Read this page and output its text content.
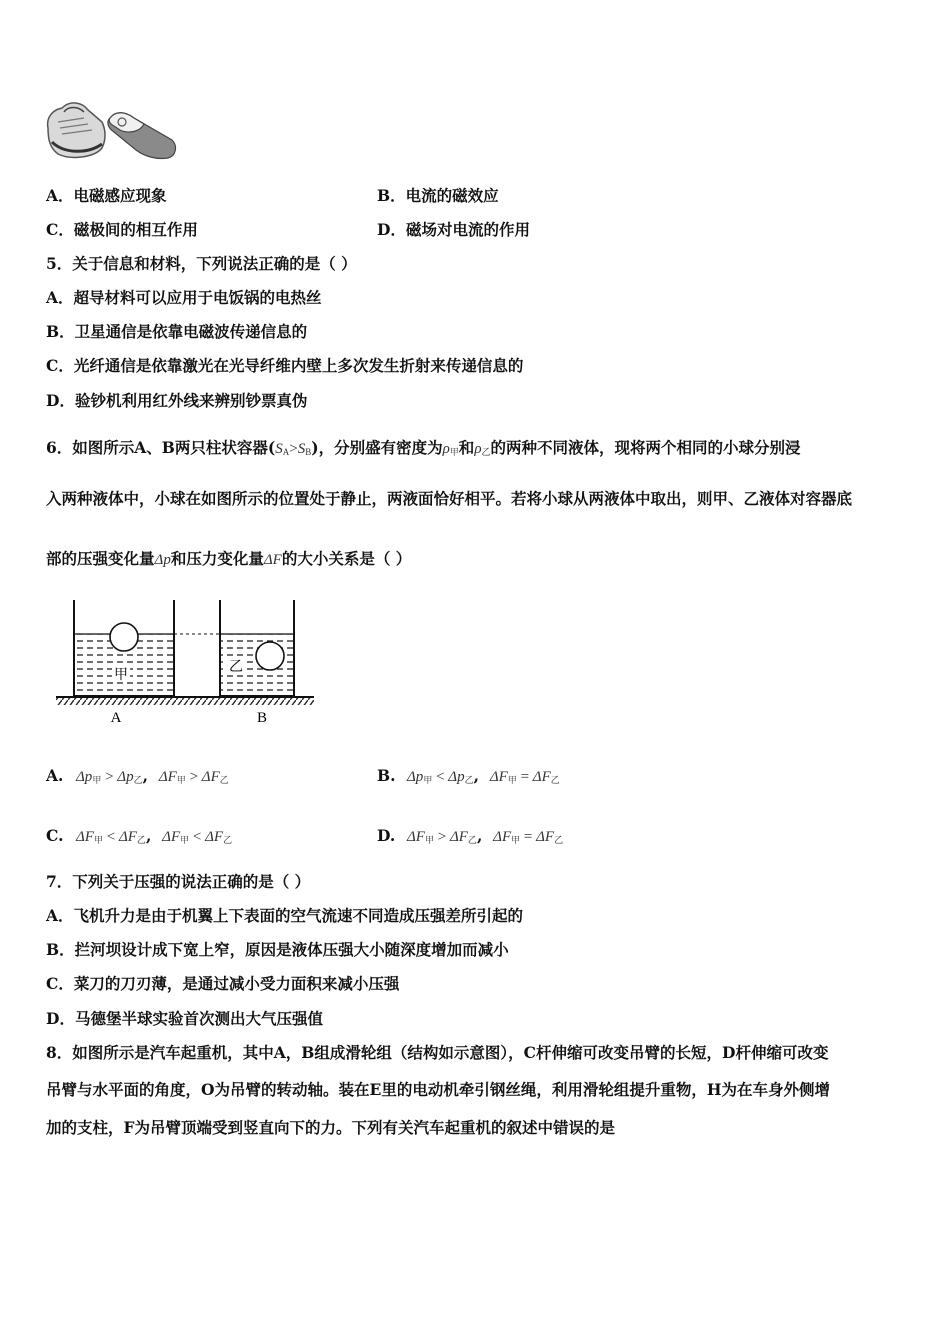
A．电磁感应现象	B．电流的磁效应
C．磁极间的相互作用	D．磁场对电流的作用
5．关于信息和材料，下列说法正确的是（ ）
A．超导材料可以应用于电饭锅的电热丝
B．卫星通信是依靠电磁波传递信息的
C．光纤通信是依靠激光在光导纤维内壁上多次发生折射来传递信息的
D．验钞机利用红外线来辨别钞票真伪
6．如图所示A、B两只柱状容器$(S_A>S_B)$，分别盛有密度为$\rho_甲$和$\rho_乙$的两种不同液体，现将两个相同的小球分别浸
入两种液体中，小球在如图所示的位置处于静止，两液面恰好相平。若将小球从两液体中取出，则甲、乙液体对容器底
部的压强变化量Δp和压力变化量ΔF的大小关系是（ ）
甲
乙
A	B
A. $\Delta p_甲 > \Delta p_乙$, $\Delta F_甲 > \Delta F_乙$	B. $\Delta p_甲 < \Delta p_乙$, $\Delta F_甲 = \Delta F_乙$
C. $\Delta F_甲 < \Delta F_乙$, $\Delta F_甲 < \Delta F_乙$	D. $\Delta F_甲 > \Delta F_乙$, $\Delta F_甲 = \Delta F_乙$
7．下列关于压强的说法正确的是（ ）
A．飞机升力是由于机翼上下表面的空气流速不同造成压强差所引起的
B．拦河坝设计成下宽上窄，原因是液体压强大小随深度增加而减小
C．菜刀的刀刃薄，是通过减小受力面积来减小压强
D．马德堡半球实验首次测出大气压强值
8．如图所示是汽车起重机，其中A，B组成滑轮组（结构如示意图），C杆伸缩可改变吊臂的长短，D杆伸缩可改变
吊臂与水平面的角度，O为吊臂的转动轴。装在E里的电动机牵引钢丝绳，利用滑轮组提升重物，H为在车身外侧增
加的支柱，F为吊臂顶端受到竖直向下的力。下列有关汽车起重机的叙述中错误的是
